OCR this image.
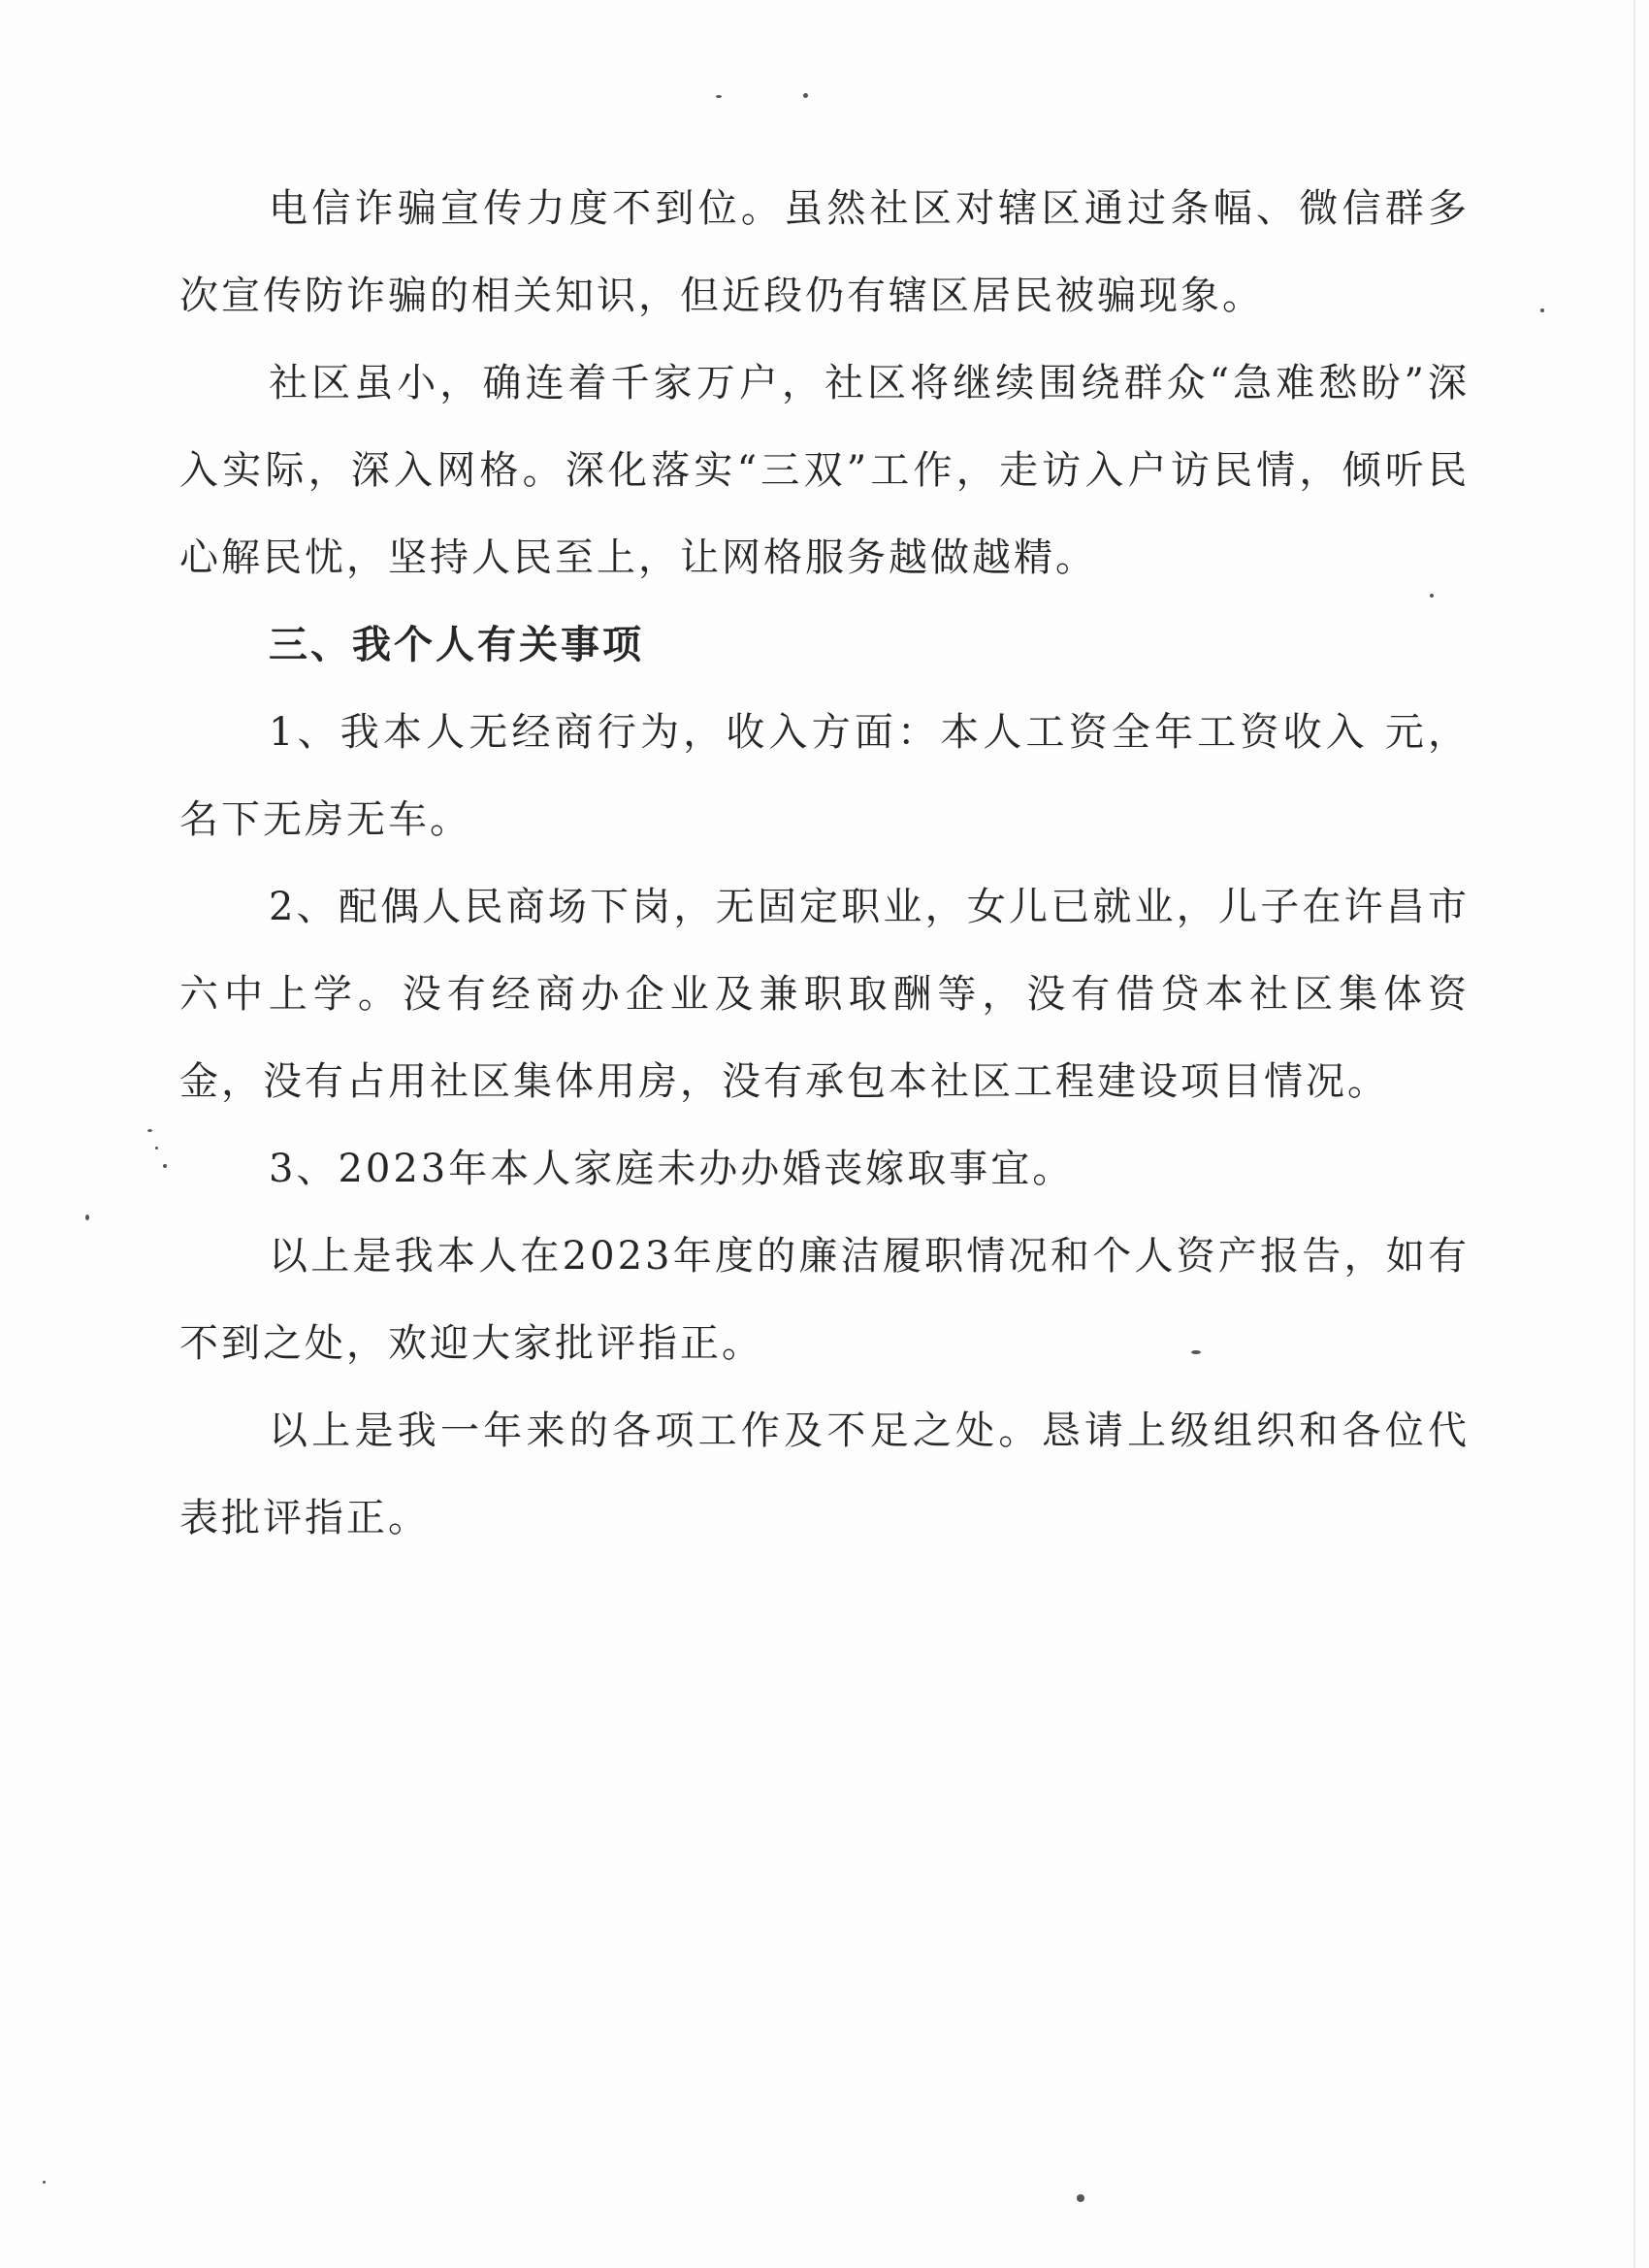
电信诈骗宣传力度不到位。虽然社区对辖区通过条幅、微信群多次宣传防诈骗的相关知识，但近段仍有辖区居民被骗现象。

社区虽小，确连着千家万户，社区将继续围绕群众“急难愁盼”深入实际，深入网格。深化落实“三双”工作，走访入户访民情，倾听民心解民忧，坚持人民至上，让网格服务越做越精。

三、我个人有关事项

1、我本人无经商行为，收入方面：本人工资全年工资收入 元，名下无房无车。

2、配偶人民商场下岗，无固定职业，女儿已就业，儿子在许昌市六中上学。没有经商办企业及兼职取酬等，没有借贷本社区集体资金，没有占用社区集体用房，没有承包本社区工程建设项目情况。

3、2023年本人家庭未办办婚丧嫁取事宜。

以上是我本人在2023年度的廉洁履职情况和个人资产报告，如有不到之处，欢迎大家批评指正。

以上是我一年来的各项工作及不足之处。恳请上级组织和各位代表批评指正。
